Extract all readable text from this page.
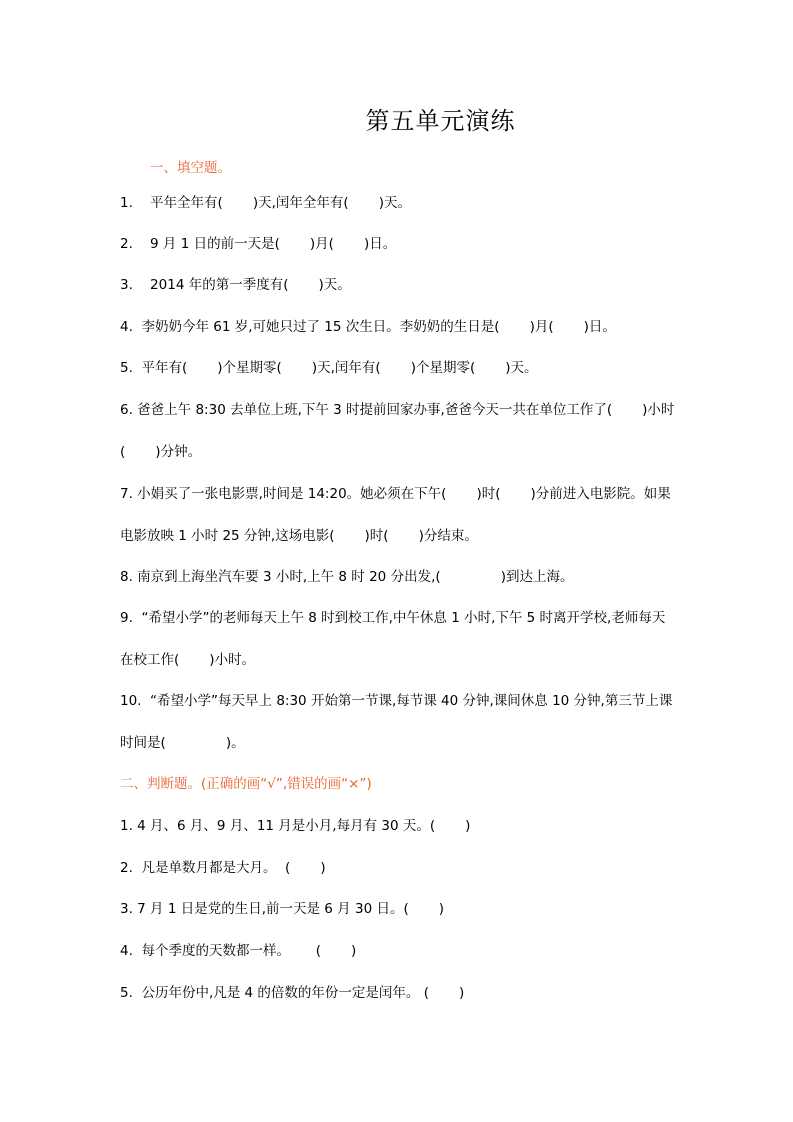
第五单元演练
一、填空题。
1.    平年全年有(       )天,闰年全年有(       )天。
2.    9 月 1 日的前一天是(       )月(       )日。
3.    2014 年的第一季度有(       )天。
4.  李奶奶今年 61 岁,可她只过了 15 次生日。李奶奶的生日是(       )月(       )日。
5.  平年有(       )个星期零(       )天,闰年有(       )个星期零(       )天。
6. 爸爸上午 8:30 去单位上班,下午 3 时提前回家办事,爸爸今天一共在单位工作了(       )小时
(       )分钟。
7. 小娟买了一张电影票,时间是 14:20。她必须在下午(       )时(       )分前进入电影院。如果
电影放映 1 小时 25 分钟,这场电影(       )时(       )分结束。
8. 南京到上海坐汽车要 3 小时,上午 8 时 20 分出发,(              )到达上海。
9.  “希望小学”的老师每天上午 8 时到校工作,中午休息 1 小时,下午 5 时离开学校,老师每天
在校工作(       )小时。
10.  “希望小学”每天早上 8:30 开始第一节课,每节课 40 分钟,课间休息 10 分钟,第三节上课
时间是(              )。
二、判断题。(正确的画“√”,错误的画“×”)
1. 4 月、6 月、9 月、11 月是小月,每月有 30 天。(       )
2.  凡是单数月都是大月。  (       )
3. 7 月 1 日是党的生日,前一天是 6 月 30 日。(       )
4.  每个季度的天数都一样。      (       )
5.  公历年份中,凡是 4 的倍数的年份一定是闰年。 (       )
